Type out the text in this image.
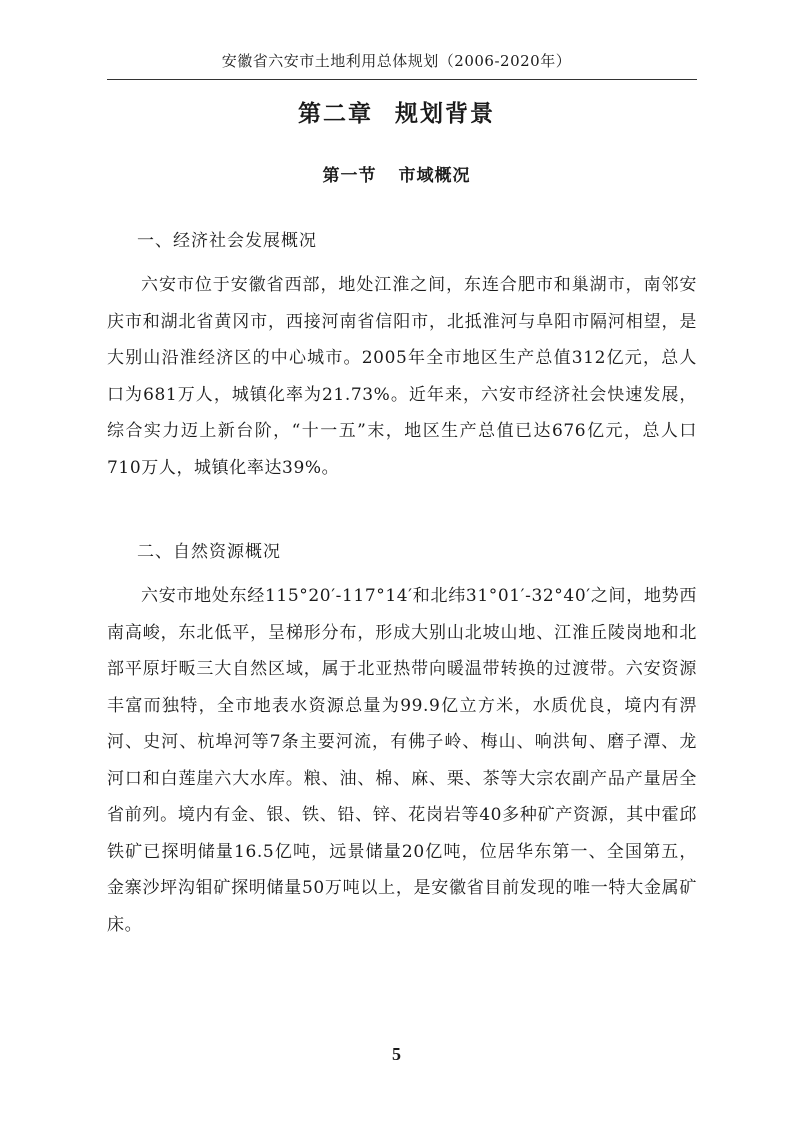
安徽省六安市土地利用总体规划（2006-2020年）
第二章 规划背景
第一节 市域概况
一、经济社会发展概况

六安市位于安徽省西部，地处江淮之间，东连合肥市和巢湖市，南邻安庆市和湖北省黄冈市，西接河南省信阳市，北抵淮河与阜阳市隔河相望，是大别山沿淮经济区的中心城市。2005年全市地区生产总值312亿元，总人口为681万人，城镇化率为21.73%。近年来，六安市经济社会快速发展，综合实力迈上新台阶，“十一五”末，地区生产总值已达676亿元，总人口710万人，城镇化率达39%。

二、自然资源概况

六安市地处东经115°20′-117°14′和北纬31°01′-32°40′之间，地势西南高峻，东北低平，呈梯形分布，形成大别山北坡山地、江淮丘陵岗地和北部平原圩畈三大自然区域，属于北亚热带向暖温带转换的过渡带。六安资源丰富而独特，全市地表水资源总量为99.9亿立方米，水质优良，境内有淠河、史河、杭埠河等7条主要河流，有佛子岭、梅山、响洪甸、磨子潭、龙河口和白莲崖六大水库。粮、油、棉、麻、栗、茶等大宗农副产品产量居全省前列。境内有金、银、铁、铅、锌、花岗岩等40多种矿产资源，其中霍邱铁矿已探明储量16.5亿吨，远景储量20亿吨，位居华东第一、全国第五，金寨沙坪沟钼矿探明储量50万吨以上，是安徽省目前发现的唯一特大金属矿床。

5
